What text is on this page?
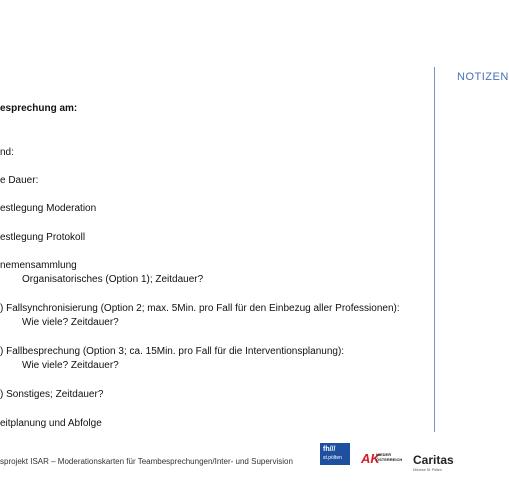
esprechung am:
nd:
e Dauer:
estlegung Moderation
estlegung Protokoll
nemensammlung
Organisatorisches (Option 1); Zeitdauer?
) Fallsynchronisierung (Option 2; max. 5Min. pro Fall für den Einbezug aller Professionen):
Wie viele? Zeitdauer?
) Fallbesprechung (Option 3; ca. 15Min. pro Fall für die Interventionsplanung):
Wie viele? Zeitdauer?
) Sonstiges; Zeitdauer?
eitplanung und Abfolge
NOTIZEN
sprojekt ISAR – Moderationskarten für Teambesprechungen/Inter- und Supervision
fh///
st.pölten	AK
NIEDER ÖSTERREICH Caritas
Diözese St. Pölten
